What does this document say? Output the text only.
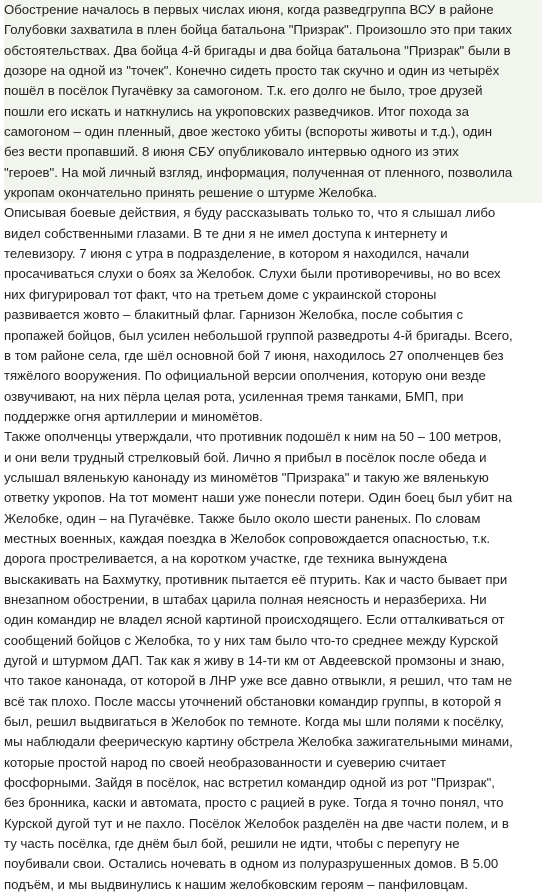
Обострение началось в первых числах июня, когда разведгруппа ВСУ в районе
Голубовки захватила в плен бойца батальона "Призрак". Произошло это при таких
обстоятельствах. Два бойца 4-й бригады и два бойца батальона "Призрак" были в
дозоре на одной из "точек". Конечно сидеть просто так скучно и один из четырёх
пошёл в посёлок Пугачёвку за самогоном. Т.к. его долго не было, трое друзей
пошли его искать и наткнулись на укроповских разведчиков. Итог похода за
самогоном – один пленный, двое жестоко убиты (вспороты животы и т.д.), один
без вести пропавший. 8 июня СБУ опубликовало интервью одного из этих
"героев". На мой личный взгляд, информация, полученная от пленного, позволила
укропам окончательно принять решение о штурме Желобка.
Описывая боевые действия, я буду рассказывать только то, что я слышал либо
видел собственными глазами. В те дни я не имел доступа к интернету и
телевизору. 7 июня с утра в подразделение, в котором я находился, начали
просачиваться слухи о боях за Желобок. Слухи были противоречивы, но во всех
них фигурировал тот факт, что на третьем доме с украинской стороны
развивается жовто – блакитный флаг. Гарнизон Желобка, после события с
пропажей бойцов, был усилен небольшой группой разведроты 4-й бригады. Всего,
в том районе села, где шёл основной бой 7 июня, находилось 27 ополченцев без
тяжёлого вооружения. По официальной версии ополчения, которую они везде
озвучивают, на них пёрла целая рота, усиленная тремя танками, БМП, при
поддержке огня артиллерии и миномётов.
Также ополченцы утверждали, что противник подошёл к ним на 50 – 100 метров,
и они вели трудный стрелковый бой. Лично я прибыл в посёлок после обеда и
услышал вяленькую канонаду из миномётов "Призрака" и такую же вяленькую
ответку укропов. На тот момент наши уже понесли потери. Один боец был убит на
Желобке, один – на Пугачёвке. Также было около шести раненых. По словам
местных военных, каждая поездка в Желобок сопровождается опасностью, т.к.
дорога простреливается, а на коротком участке, где техника вынуждена
выскакивать на Бахмутку, противник пытается её птурить. Как и часто бывает при
внезапном обострении, в штабах царила полная неясность и неразбериха. Ни
один командир не владел ясной картиной происходящего. Если отталкиваться от
сообщений бойцов с Желобка, то у них там было что-то среднее между Курской
дугой и штурмом ДАП. Так как я живу в 14-ти км от Авдеевской промзоны и знаю,
что такое канонада, от которой в ЛНР уже все давно отвыкли, я решил, что там не
всё так плохо. После массы уточнений обстановки командир группы, в которой я
был, решил выдвигаться в Желобок по темноте. Когда мы шли полями к посёлку,
мы наблюдали феерическую картину обстрела Желобка зажигательными минами,
которые простой народ по своей необразованности и суеверию считает
фосфорными. Зайдя в посёлок, нас встретил командир одной из рот "Призрак",
без бронника, каски и автомата, просто с рацией в руке. Тогда я точно понял, что
Курской дугой тут и не пахло. Посёлок Желобок разделён на две части полем, и в
ту часть посёлка, где днём был бой, решили не идти, чтобы с перепугу не
поубивали свои. Остались ночевать в одном из полуразрушенных домов. В 5.00
подъём, и мы выдвинулись к нашим желобковским героям – панфиловцам.
